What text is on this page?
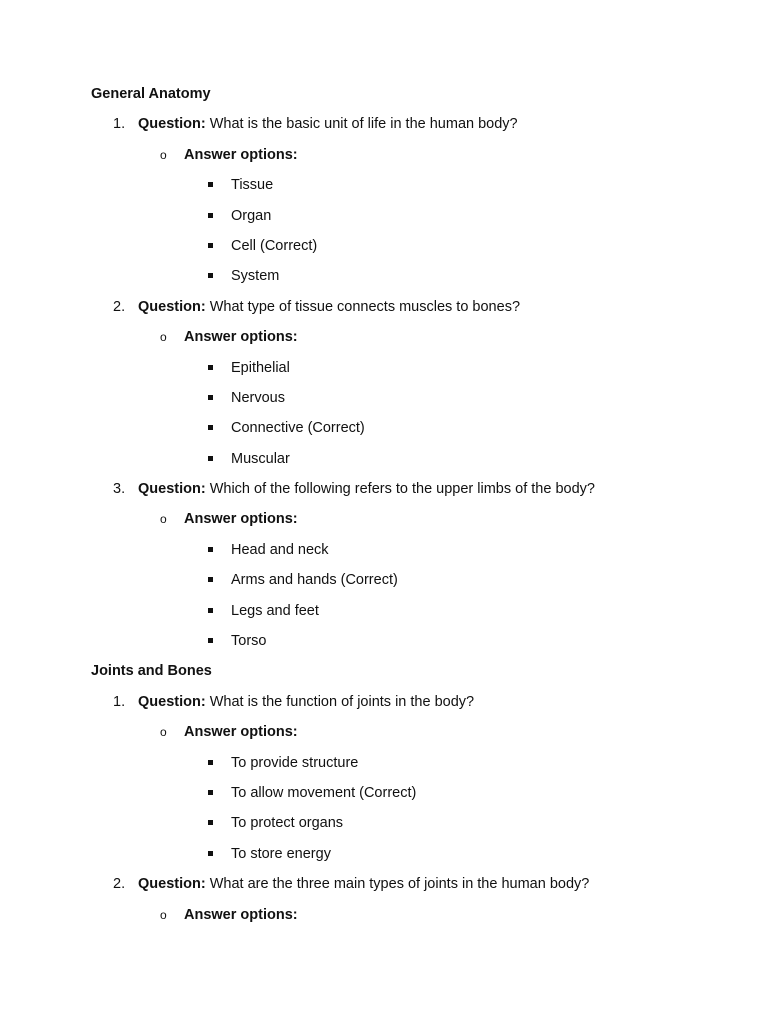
General Anatomy
1. Question: What is the basic unit of life in the human body?
o Answer options:
Tissue
Organ
Cell (Correct)
System
2. Question: What type of tissue connects muscles to bones?
o Answer options:
Epithelial
Nervous
Connective (Correct)
Muscular
3. Question: Which of the following refers to the upper limbs of the body?
o Answer options:
Head and neck
Arms and hands (Correct)
Legs and feet
Torso
Joints and Bones
1. Question: What is the function of joints in the body?
o Answer options:
To provide structure
To allow movement (Correct)
To protect organs
To store energy
2. Question: What are the three main types of joints in the human body?
o Answer options:
